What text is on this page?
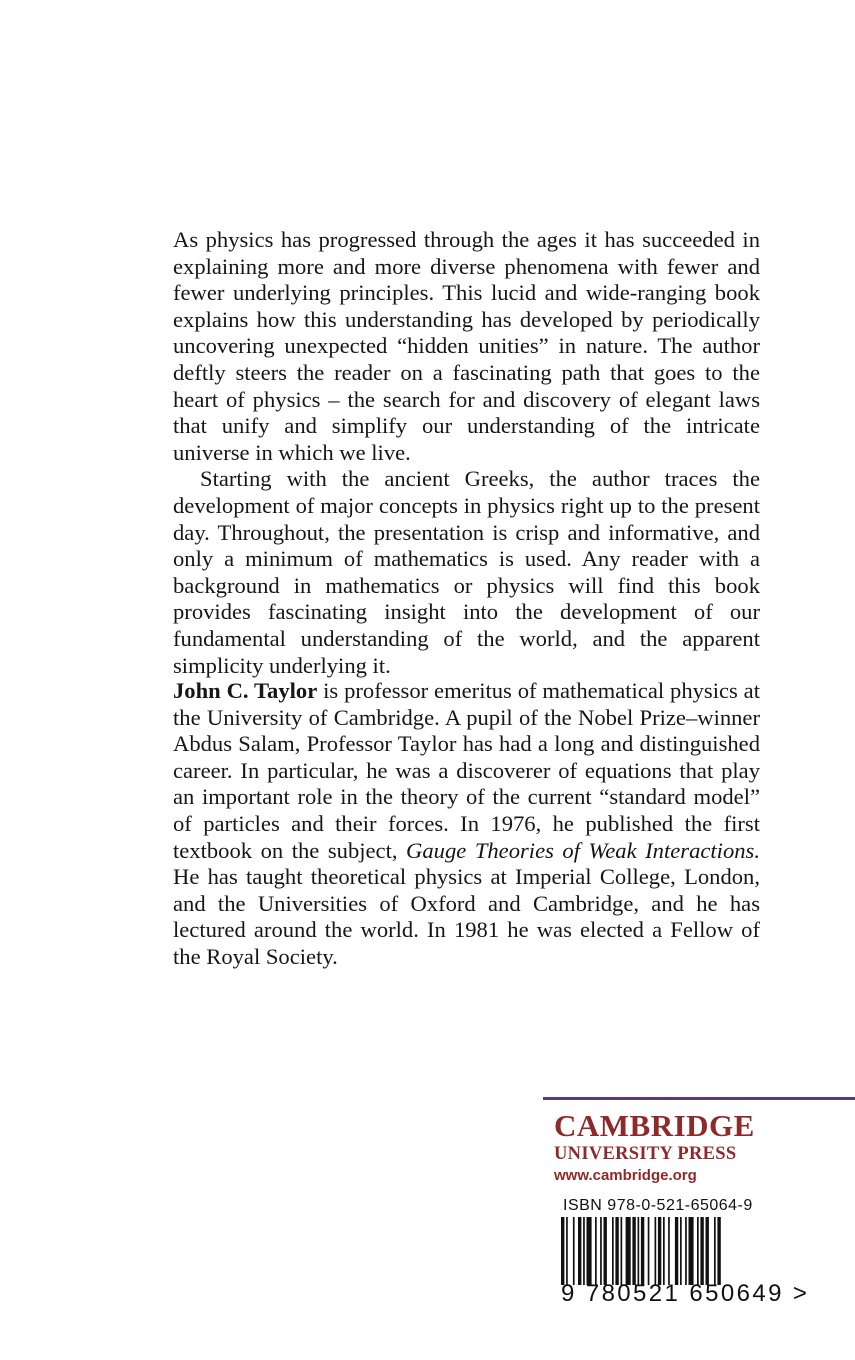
As physics has progressed through the ages it has succeeded in explaining more and more diverse phenomena with fewer and fewer underlying principles. This lucid and wide-ranging book explains how this understanding has developed by periodically uncovering unexpected “hidden unities” in nature. The author deftly steers the reader on a fascinating path that goes to the heart of physics – the search for and discovery of elegant laws that unify and simplify our understanding of the intricate universe in which we live.

Starting with the ancient Greeks, the author traces the development of major concepts in physics right up to the present day. Throughout, the presentation is crisp and informative, and only a minimum of mathematics is used. Any reader with a background in mathematics or physics will find this book provides fascinating insight into the development of our fundamental understanding of the world, and the apparent simplicity underlying it.

John C. Taylor is professor emeritus of mathematical physics at the University of Cambridge. A pupil of the Nobel Prize–winner Abdus Salam, Professor Taylor has had a long and distinguished career. In particular, he was a discoverer of equations that play an important role in the theory of the current “standard model” of particles and their forces. In 1976, he published the first textbook on the subject, Gauge Theories of Weak Interactions. He has taught theoretical physics at Imperial College, London, and the Universities of Oxford and Cambridge, and he has lectured around the world. In 1981 he was elected a Fellow of the Royal Society.

CAMBRIDGE
UNIVERSITY PRESS
www.cambridge.org
ISBN 978-0-521-65064-9
9 780521 650649 >
